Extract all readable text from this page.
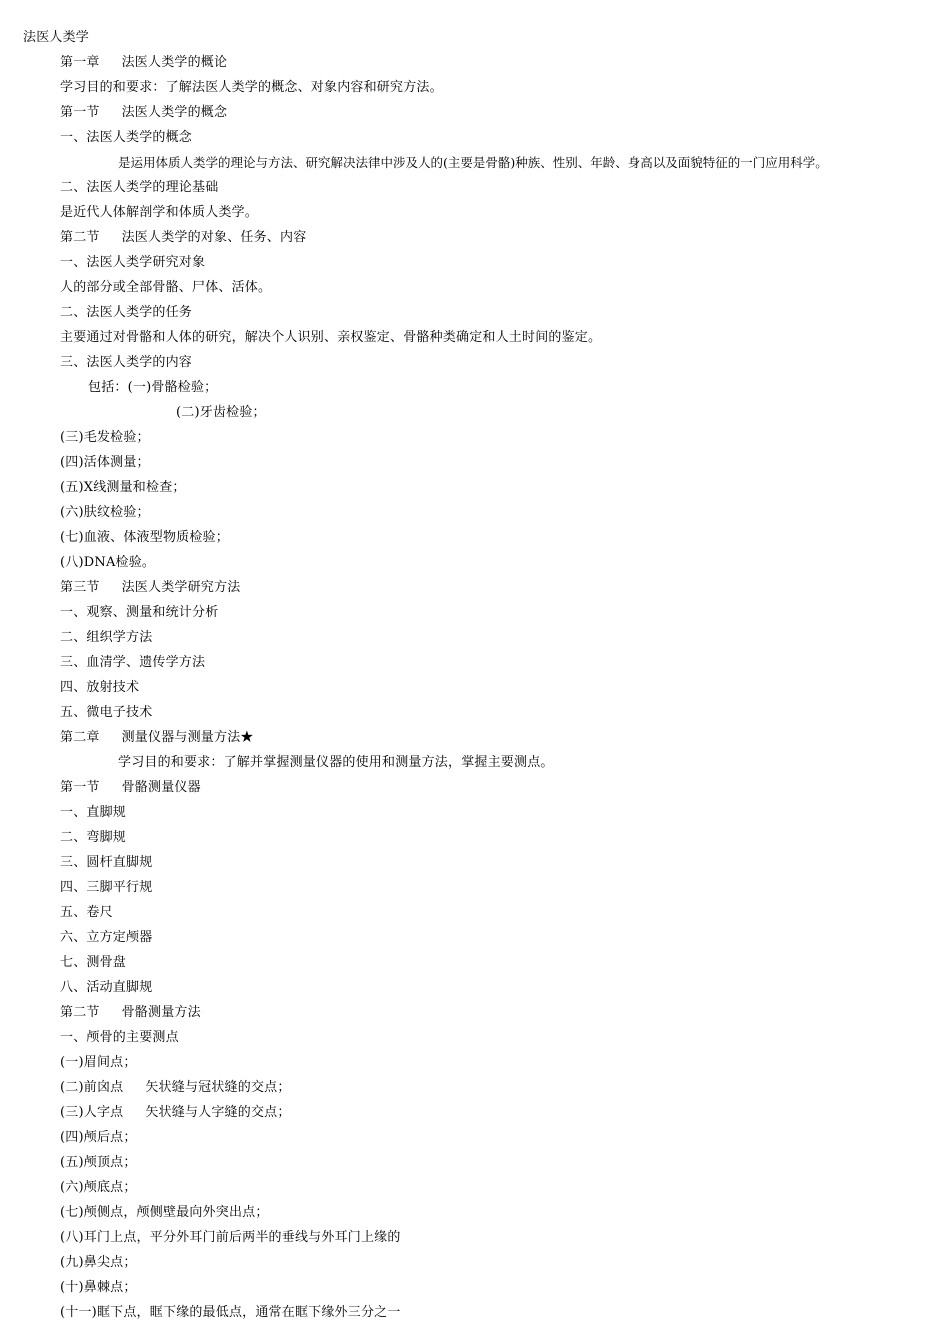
法医人类学
第一章 法医人类学的概论
学习目的和要求：了解法医人类学的概念、对象内容和研究方法。
第一节 法医人类学的概念
一、法医人类学的概念
是运用体质人类学的理论与方法、研究解决法律中涉及人的(主要是骨骼)种族、性别、年龄、身高以及面貌特征的一门应用科学。
二、法医人类学的理论基础
是近代人体解剖学和体质人类学。
第二节 法医人类学的对象、任务、内容
一、法医人类学研究对象
人的部分或全部骨骼、尸体、活体。
二、法医人类学的任务
主要通过对骨骼和人体的研究，解决个人识别、亲权鉴定、骨骼种类确定和人土时间的鉴定。
三、法医人类学的内容
包括：(一)骨骼检验；
(二)牙齿检验；
(三)毛发检验；
(四)活体测量；
(五)X线测量和检查；
(六)肤纹检验；
(七)血液、体液型物质检验；
(八)DNA检验。
第三节 法医人类学研究方法
一、观察、测量和统计分析
二、组织学方法
三、血清学、遗传学方法
四、放射技术
五、微电子技术
第二章 测量仪器与测量方法★
学习目的和要求：了解并掌握测量仪器的使用和测量方法，掌握主要测点。
第一节 骨骼测量仪器
一、直脚规
二、弯脚规
三、圆杆直脚规
四、三脚平行规
五、卷尺
六、立方定颅器
七、测骨盘
八、活动直脚规
第二节 骨骼测量方法
一、颅骨的主要测点
(一)眉间点；
(二)前囟点 矢状缝与冠状缝的交点；
(三)人字点 矢状缝与人字缝的交点；
(四)颅后点；
(五)颅顶点；
(六)颅底点；
(七)颅侧点，颅侧壁最向外突出点；
(八)耳门上点，平分外耳门前后两半的垂线与外耳门上缘的
(九)鼻尖点；
(十)鼻棘点；
(十一)眶下点，眶下缘的最低点，通常在眶下缘外三分之一
